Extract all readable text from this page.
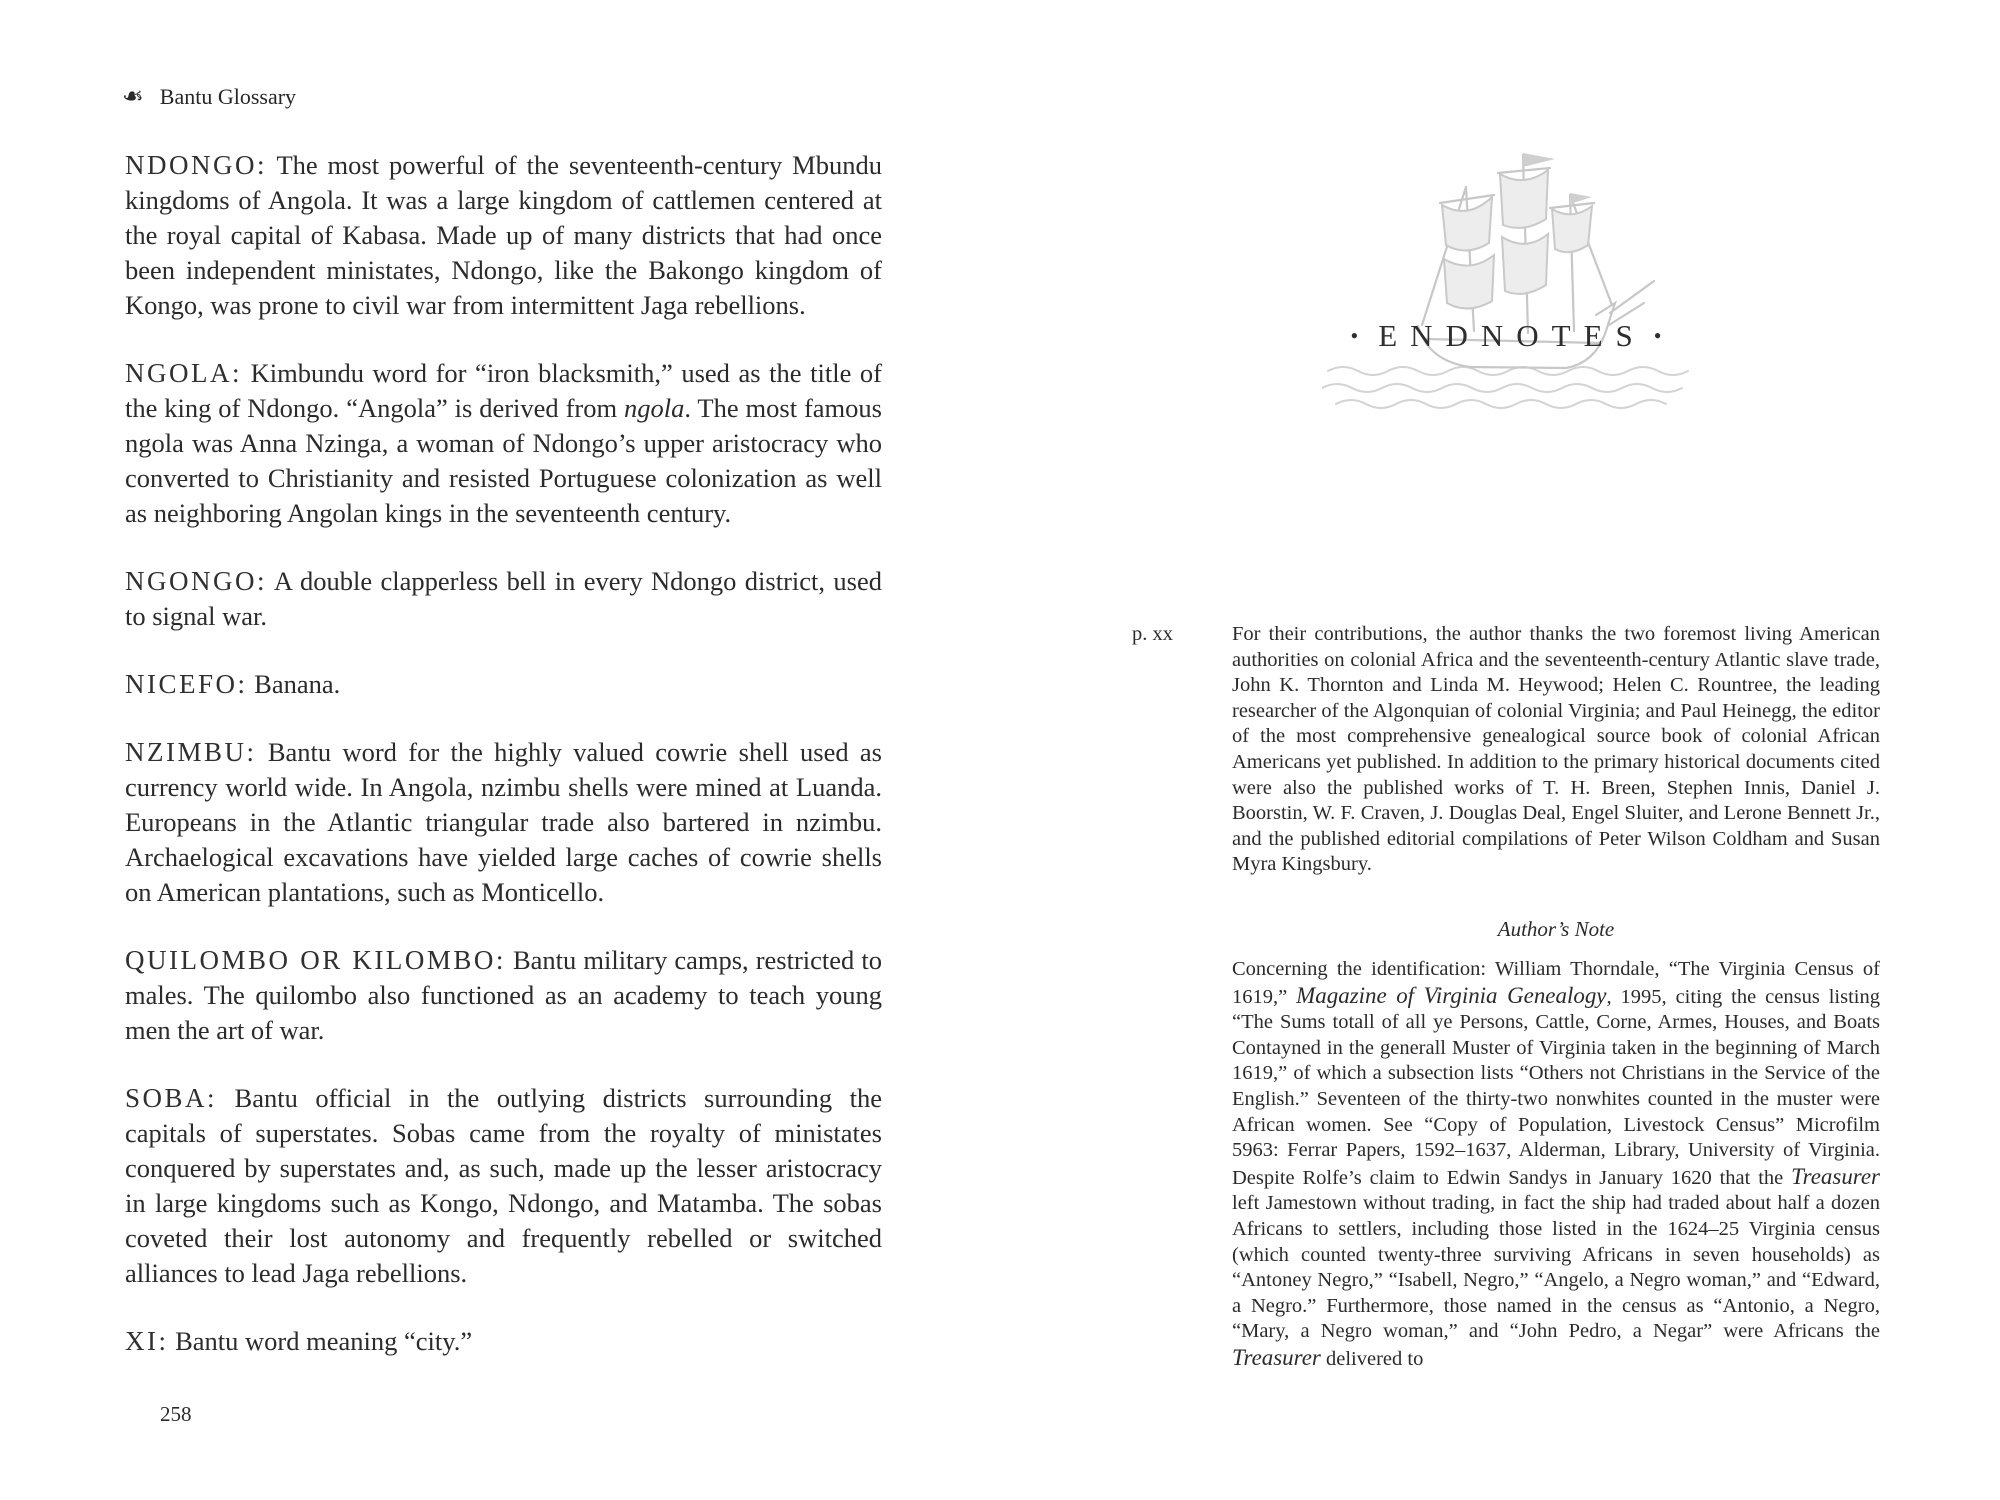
❧ Bantu Glossary

NDONGO: The most powerful of the seventeenth-century Mbundu kingdoms of Angola. It was a large kingdom of cattlemen centered at the royal capital of Kabasa. Made up of many districts that had once been independent ministates, Ndongo, like the Bakongo kingdom of Kongo, was prone to civil war from intermittent Jaga rebellions.

NGOLA: Kimbundu word for “iron blacksmith,” used as the title of the king of Ndongo. “Angola” is derived from ngola. The most famous ngola was Anna Nzinga, a woman of Ndongo’s upper aristocracy who converted to Christianity and resisted Portuguese colonization as well as neighboring Angolan kings in the seventeenth century.

NGONGO: A double clapperless bell in every Ndongo district, used to signal war.

NICEFO: Banana.

NZIMBU: Bantu word for the highly valued cowrie shell used as currency world wide. In Angola, nzimbu shells were mined at Luanda. Europeans in the Atlantic triangular trade also bartered in nzimbu. Archaelogical excavations have yielded large caches of cowrie shells on American plantations, such as Monticello.

QUILOMBO OR KILOMBO: Bantu military camps, restricted to males. The quilombo also functioned as an academy to teach young men the art of war.

SOBA: Bantu official in the outlying districts surrounding the capitals of superstates. Sobas came from the royalty of ministates conquered by superstates and, as such, made up the lesser aristocracy in large kingdoms such as Kongo, Ndongo, and Matamba. The sobas coveted their lost autonomy and frequently rebelled or switched alliances to lead Jaga rebellions.

XI: Bantu word meaning “city.”

258
• ENDNOTES •
p. xx	For their contributions, the author thanks the two foremost living American authorities on colonial Africa and the seventeenth-century Atlantic slave trade, John K. Thornton and Linda M. Heywood; Helen C. Rountree, the leading researcher of the Algonquian of colonial Virginia; and Paul Heinegg, the editor of the most comprehensive genealogical source book of colonial African Americans yet published. In addition to the primary historical documents cited were also the published works of T. H. Breen, Stephen Innis, Daniel J. Boorstin, W. F. Craven, J. Douglas Deal, Engel Sluiter, and Lerone Bennett Jr., and the published editorial compilations of Peter Wilson Coldham and Susan Myra Kingsbury.
Author’s Note
Concerning the identification: William Thorndale, “The Virginia Census of 1619,” Magazine of Virginia Genealogy, 1995, citing the census listing “The Sums totall of all ye Persons, Cattle, Corne, Armes, Houses, and Boats Contayned in the generall Muster of Virginia taken in the beginning of March 1619,” of which a subsection lists “Others not Christians in the Service of the English.” Seventeen of the thirty-two nonwhites counted in the muster were African women. See “Copy of Population, Livestock Census” Microfilm 5963: Ferrar Papers, 1592–1637, Alderman, Library, University of Virginia. Despite Rolfe’s claim to Edwin Sandys in January 1620 that the Treasurer left Jamestown without trading, in fact the ship had traded about half a dozen Africans to settlers, including those listed in the 1624–25 Virginia census (which counted twenty-three surviving Africans in seven households) as “Antoney Negro,” “Isabell, Negro,” “Angelo, a Negro woman,” and “Edward, a Negro.” Furthermore, those named in the census as “Antonio, a Negro, “Mary, a Negro woman,” and “John Pedro, a Negar” were Africans the Treasurer delivered to
